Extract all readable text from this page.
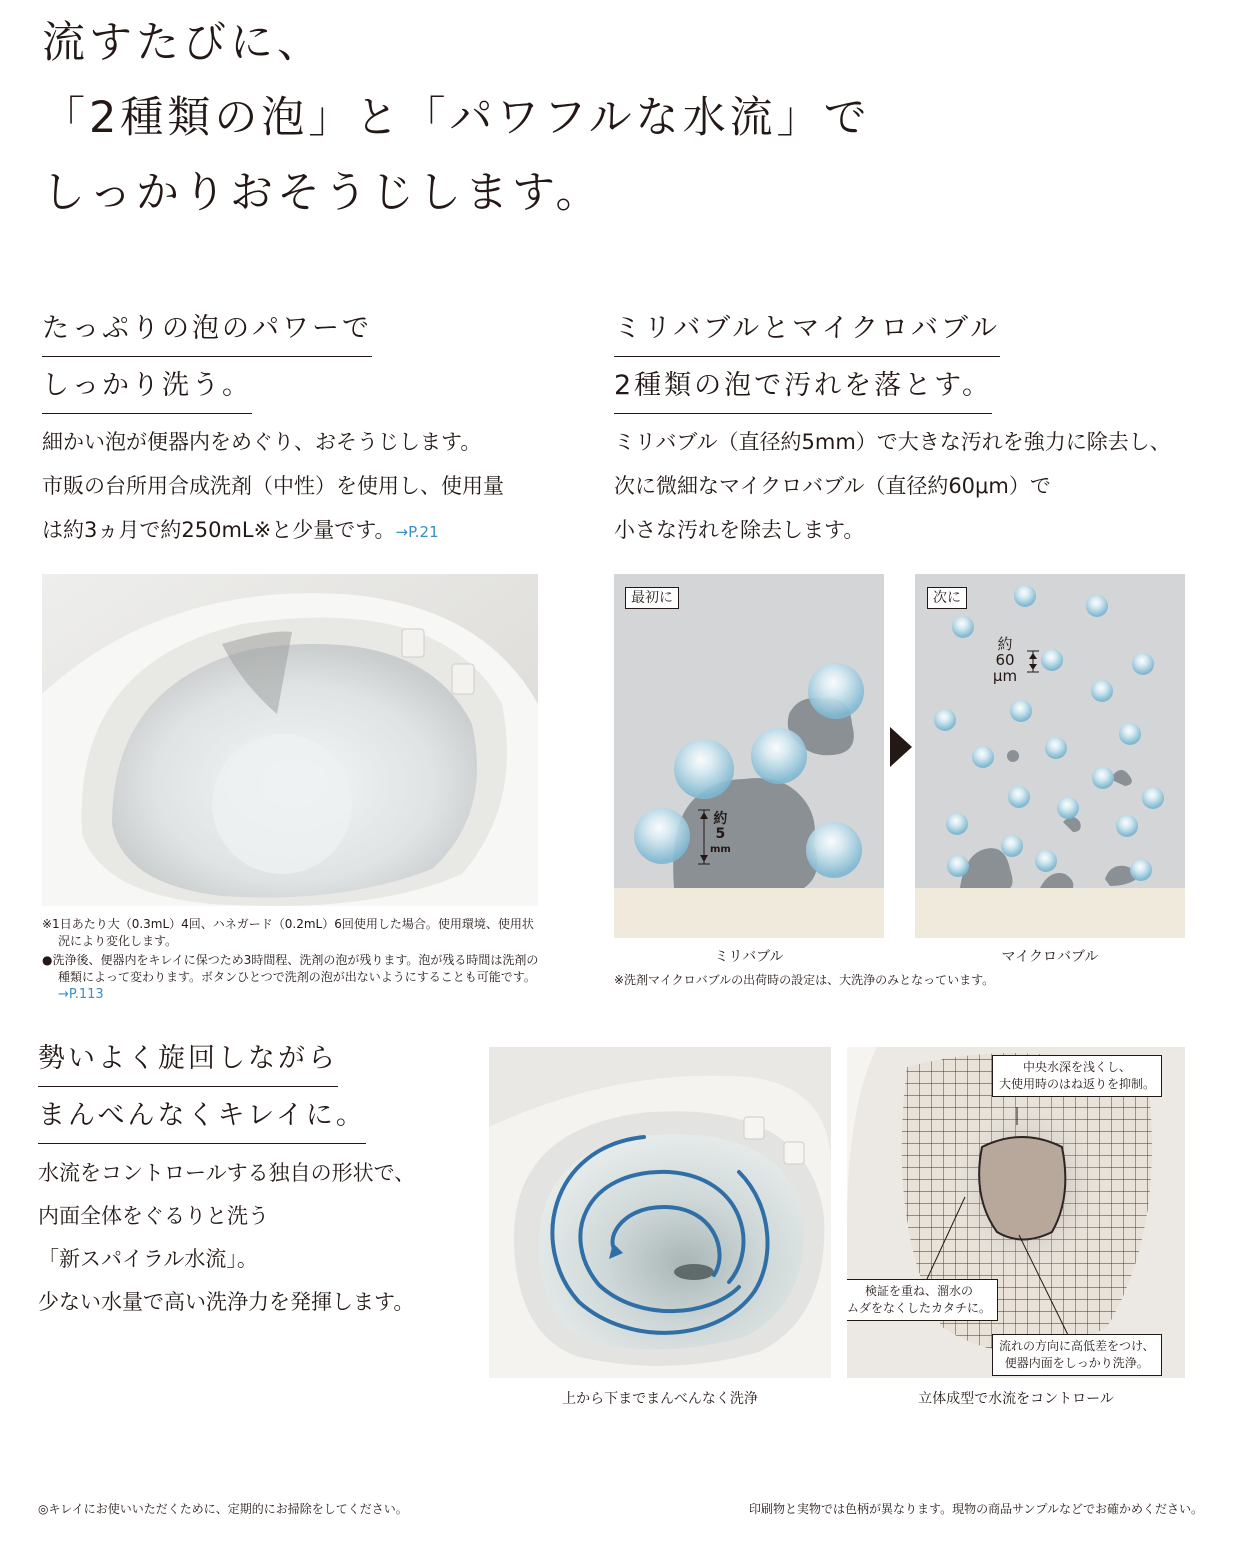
流すたびに、
「2種類の泡」と「パワフルな水流」で
しっかりおそうじします。
たっぷりの泡のパワーで
しっかり洗う。
細かい泡が便器内をめぐり、おそうじします。
市販の台所用合成洗剤（中性）を使用し、使用量
は約3ヵ月で約250mL※と少量です。→P.21
※1日あたり大（0.3mL）4回、ハネガード（0.2mL）6回使用した場合。使用環境、使用状況により変化します。
●洗浄後、便器内をキレイに保つため3時間程、洗剤の泡が残ります。泡が残る時間は洗剤の種類によって変わります。ボタンひとつで洗剤の泡が出ないようにすることも可能です。→P.113
ミリバブルとマイクロバブル
2種類の泡で汚れを落とす。
ミリバブル（直径約5mm）で大きな汚れを強力に除去し、
次に微細なマイクロバブル（直径約60μm）で
小さな汚れを除去します。
最初に
約
5
mm
次に
約
60
μm
ミリバブル	マイクロバブル
※洗剤マイクロバブルの出荷時の設定は、大洗浄のみとなっています。
勢いよく旋回しながら
まんべんなくキレイに。
水流をコントロールする独自の形状で、
内面全体をぐるりと洗う
「新スパイラル水流」。
少ない水量で高い洗浄力を発揮します。
上から下までまんべんなく洗浄
中央水深を浅くし、
大使用時のはね返りを抑制。
検証を重ね、溜水の
ムダをなくしたカタチに。
流れの方向に高低差をつけ、
便器内面をしっかり洗浄。
立体成型で水流をコントロール
◎キレイにお使いいただくために、定期的にお掃除をしてください。	印刷物と実物では色柄が異なります。現物の商品サンプルなどでお確かめください。
